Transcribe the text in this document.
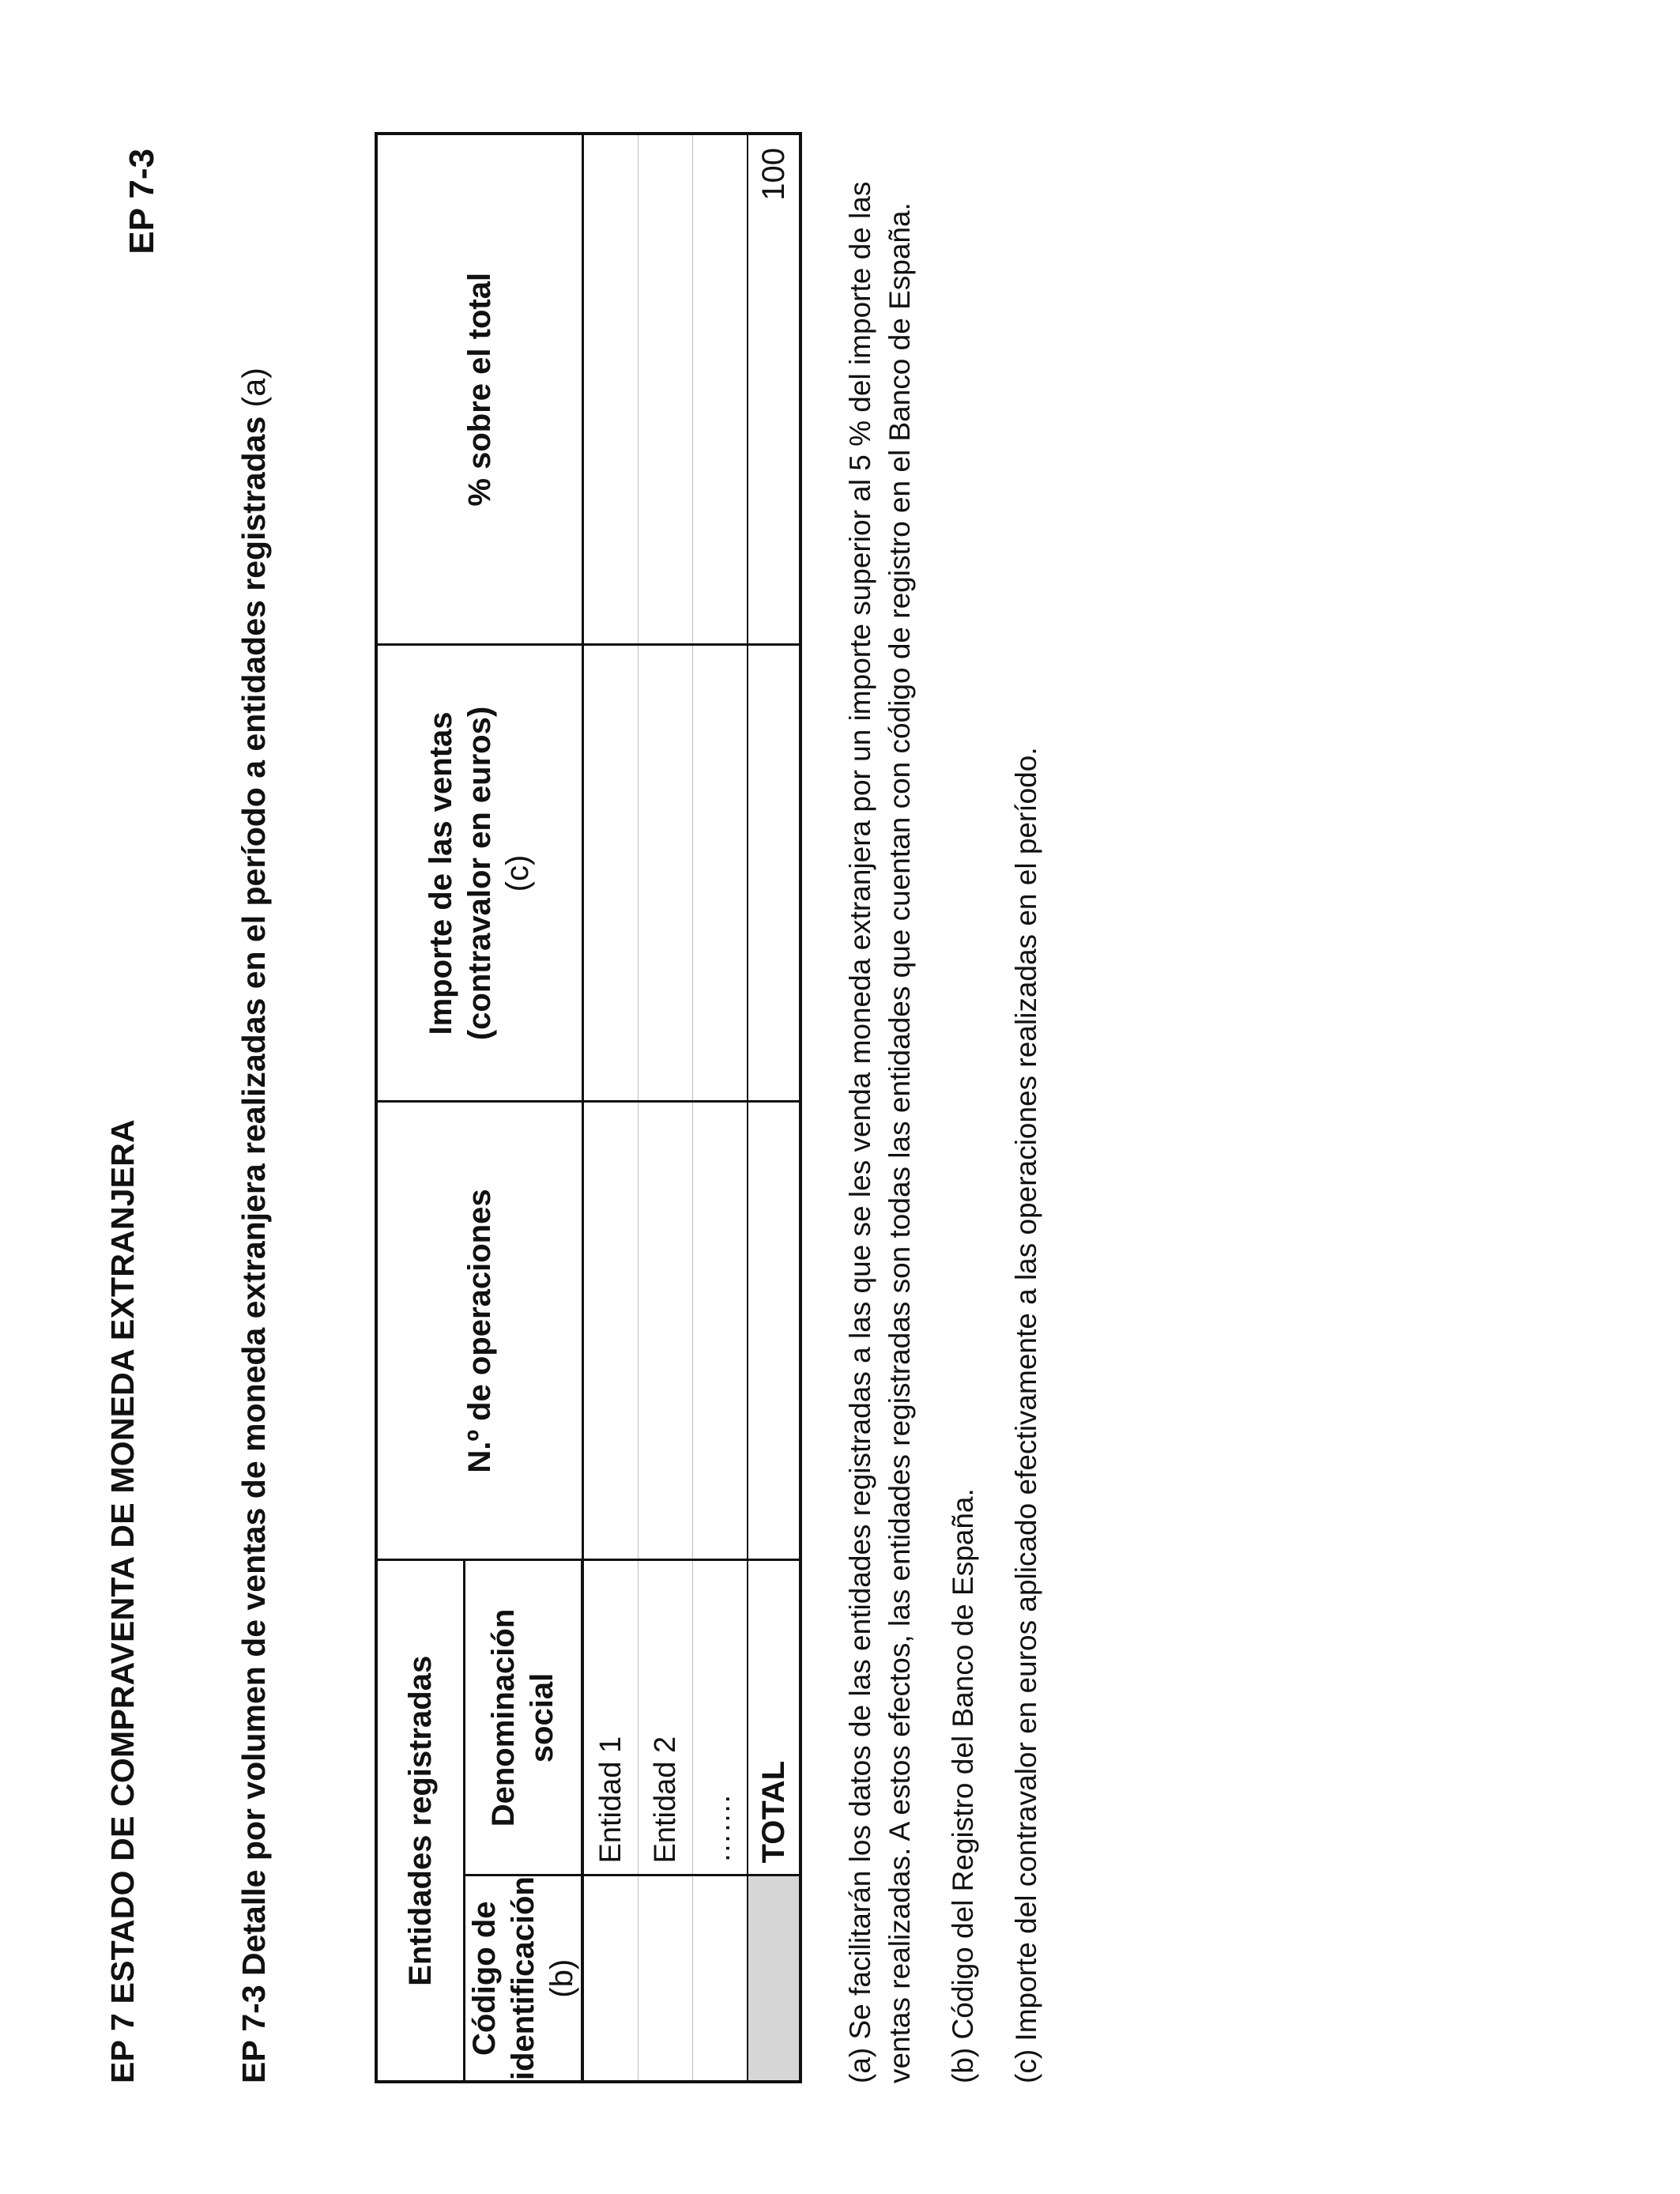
EP 7-3
EP 7 ESTADO DE COMPRAVENTA DE MONEDA EXTRANJERA	EP 7-3 Detalle por volumen de ventas de moneda extranjera realizadas en el período a entidades registradas (a)
Entidades registradas		N.º de operaciones	Importe de las ventas (contravalor en euros) (c)	% sobre el total
Código de identificación (b)	Denominación social			
	Entidad 1			
	Entidad 2			
	…….			
	TOTAL			100

(a) Se facilitarán los datos de las entidades registradas a las que se les venda moneda extranjera por un importe superior al 5 % del importe de las ventas realizadas. A estos efectos, las entidades registradas son todas las entidades que cuentan con código de registro en el Banco de España. (b) Código del Registro del Banco de España. (c) Importe del contravalor en euros aplicado efectivamente a las operaciones realizadas en el período.
